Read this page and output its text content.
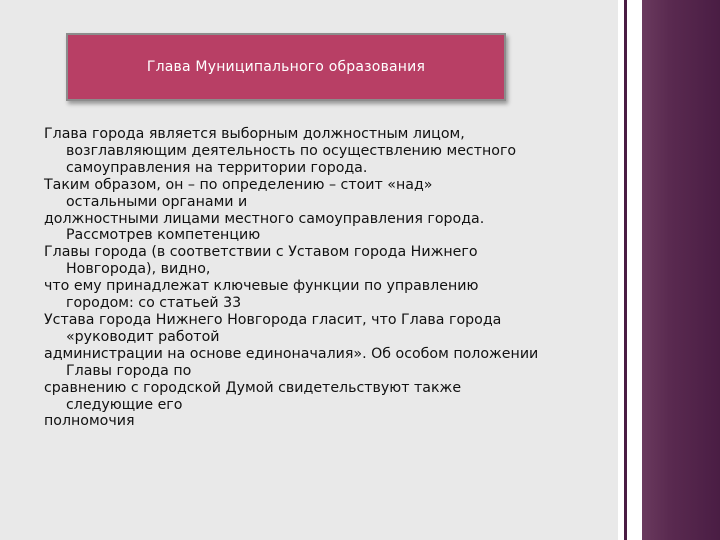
Глава Муниципального образования
Глава города является выборным должностным лицом,
возглавляющим деятельность по осуществлению местного
самоуправления на территории города.
Таким образом, он – по определению – стоит «над»
остальными органами и
должностными лицами местного самоуправления города.
Рассмотрев компетенцию
Главы города (в соответствии с Уставом города Нижнего
Новгорода), видно,
что ему принадлежат ключевые функции по управлению
городом: со статьей 33
Устава города Нижнего Новгорода гласит, что Глава города
«руководит работой
администрации на основе единоначалия». Об особом положении
Главы города по
сравнению с городской Думой свидетельствуют также
следующие его
полномочия
